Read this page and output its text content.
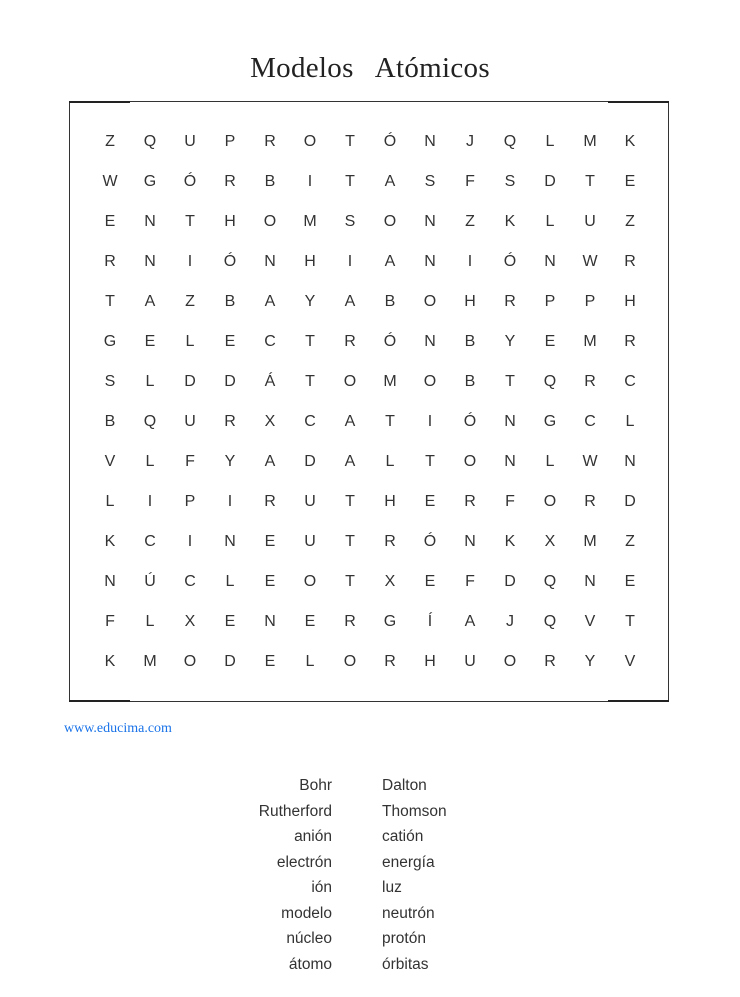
Modelos   Atómicos
Z	Q	U	P	R	O	T	Ó	N	J	Q	L	M	K
W	G	Ó	R	B	I	T	A	S	F	S	D	T	E
E	N	T	H	O	M	S	O	N	Z	K	L	U	Z
R	N	I	Ó	N	H	I	A	N	I	Ó	N	W	R
T	A	Z	B	A	Y	A	B	O	H	R	P	P	H
G	E	L	E	C	T	R	Ó	N	B	Y	E	M	R
S	L	D	D	Á	T	O	M	O	B	T	Q	R	C
B	Q	U	R	X	C	A	T	I	Ó	N	G	C	L
V	L	F	Y	A	D	A	L	T	O	N	L	W	N
L	I	P	I	R	U	T	H	E	R	F	O	R	D
K	C	I	N	E	U	T	R	Ó	N	K	X	M	Z
N	Ú	C	L	E	O	T	X	E	F	D	Q	N	E
F	L	X	E	N	E	R	G	Í	A	J	Q	V	T
K	M	O	D	E	L	O	R	H	U	O	R	Y	V
www.educima.com
Bohr
Rutherford
anión
electrón
ión
modelo
núcleo
átomo
Dalton
Thomson
catión
energía
luz
neutrón
protón
órbitas
